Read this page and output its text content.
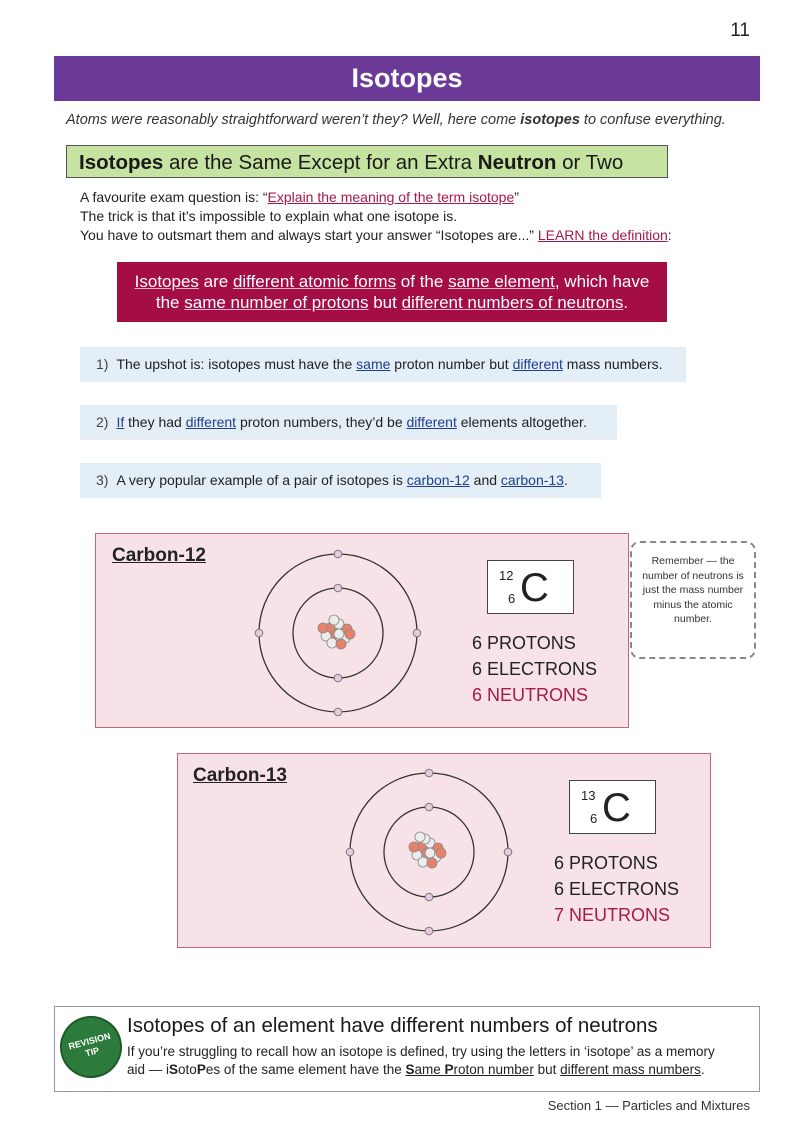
11
Isotopes
Atoms were reasonably straightforward weren’t they? Well, here come isotopes to confuse everything.
Isotopes are the Same Except for an Extra Neutron or Two
A favourite exam question is: “Explain the meaning of the term isotope”
The trick is that it’s impossible to explain what one isotope is.
You have to outsmart them and always start your answer “Isotopes are...” LEARN the definition:
Isotopes are different atomic forms of the same element, which have
the same number of protons but different numbers of neutrons.
1) The upshot is: isotopes must have the same proton number but different mass numbers.
2) If they had different proton numbers, they’d be different elements altogether.
3) A very popular example of a pair of isotopes is carbon-12 and carbon-13.
Carbon-12
12
6 C
6 PROTONS
6 ELECTRONS
6 NEUTRONS
Remember — the number of neutrons is just the mass number minus the atomic number.
Carbon-13
13
6 C
6 PROTONS
6 ELECTRONS
7 NEUTRONS
REVISION TIP
Isotopes of an element have different numbers of neutrons
If you’re struggling to recall how an isotope is defined, try using the letters in ‘isotope’ as a memory
aid — iSotoPes of the same element have the Same Proton number but different mass numbers.
Section 1 — Particles and Mixtures
